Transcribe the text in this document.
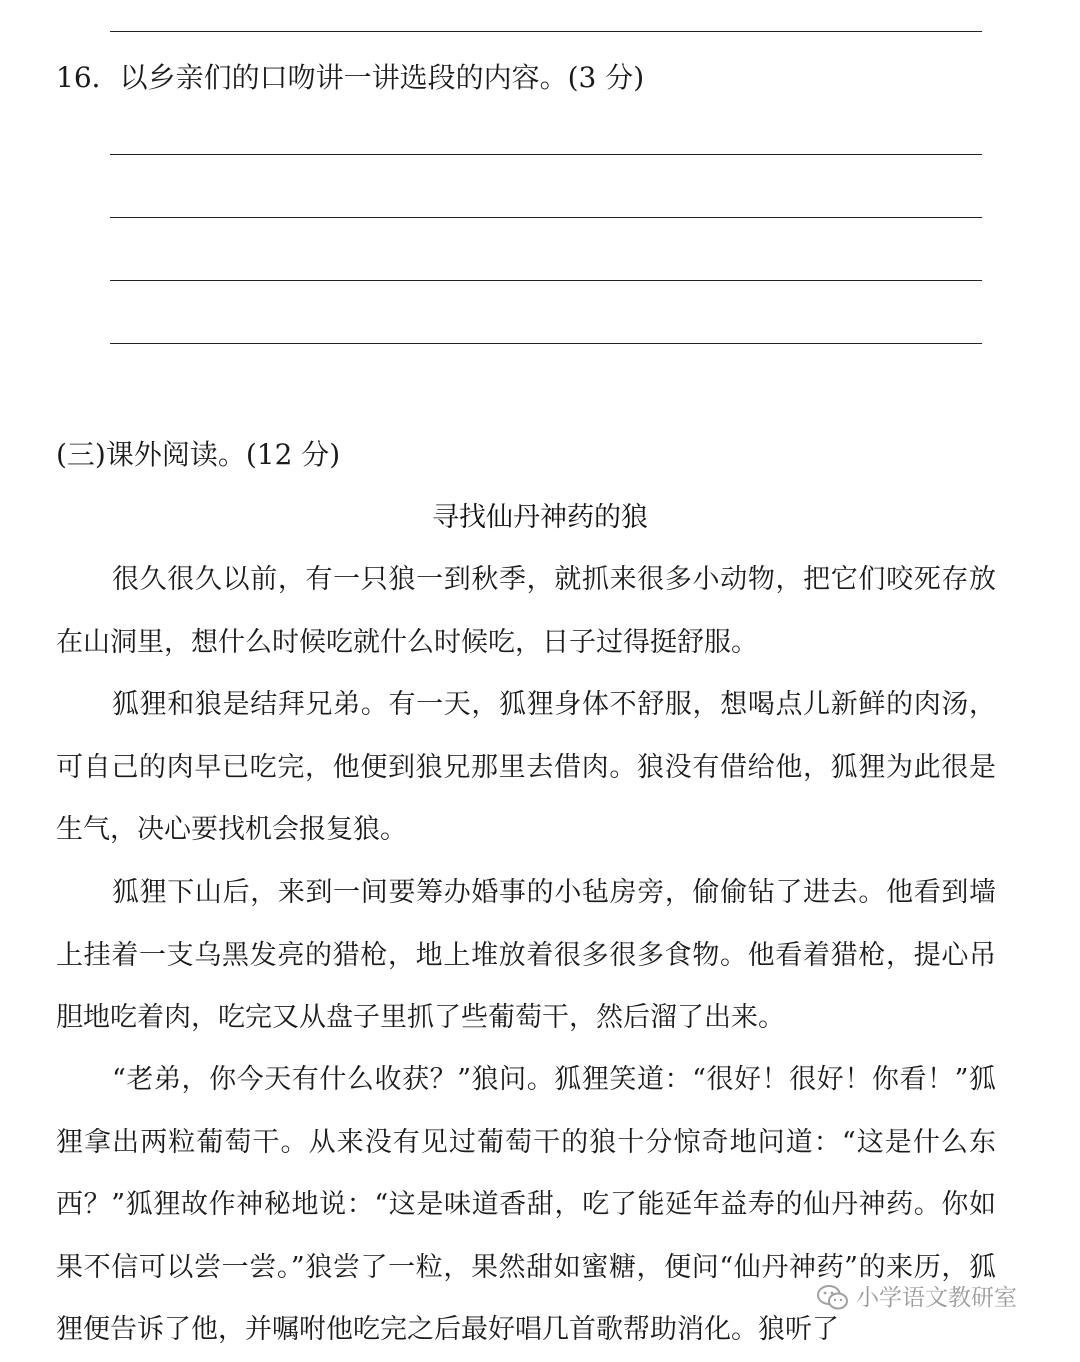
16．以乡亲们的口吻讲一讲选段的内容。(3 分)
(三)课外阅读。(12 分)
寻找仙丹神药的狼

很久很久以前，有一只狼一到秋季，就抓来很多小动物，把它们咬死存放在山洞里，想什么时候吃就什么时候吃，日子过得挺舒服。

狐狸和狼是结拜兄弟。有一天，狐狸身体不舒服，想喝点儿新鲜的肉汤，可自己的肉早已吃完，他便到狼兄那里去借肉。狼没有借给他，狐狸为此很是生气，决心要找机会报复狼。

狐狸下山后，来到一间要筹办婚事的小毡房旁，偷偷钻了进去。他看到墙上挂着一支乌黑发亮的猎枪，地上堆放着很多很多食物。他看着猎枪，提心吊胆地吃着肉，吃完又从盘子里抓了些葡萄干，然后溜了出来。

“老弟，你今天有什么收获？”狼问。狐狸笑道：“很好！很好！你看！”狐狸拿出两粒葡萄干。从来没有见过葡萄干的狼十分惊奇地问道：“这是什么东西？”狐狸故作神秘地说：“这是味道香甜，吃了能延年益寿的仙丹神药。你如果不信可以尝一尝。”狼尝了一粒，果然甜如蜜糖，便问“仙丹神药”的来历，狐狸便告诉了他，并嘱咐他吃完之后最好唱几首歌帮助消化。狼听了

小学语文教研室
